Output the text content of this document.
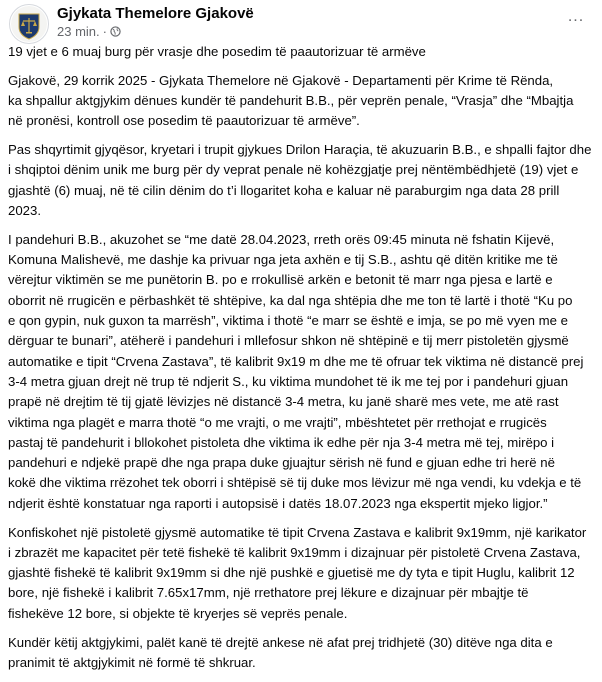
Gjykata Themelore Gjakovë
23 min. ·
...
19 vjet e 6 muaj burg për vrasje dhe posedim të paautorizuar të armëve
Gjakovë, 29 korrik 2025 - Gjykata Themelore në Gjakovë - Departamenti për Krime të Rënda,
ka shpallur aktgjykim dënues kundër të pandehurit B.B., për veprën penale, “Vrasja” dhe “Mbajtja
në pronësi, kontroll ose posedim të paautorizuar të armëve”.
Pas shqyrtimit gjyqësor, kryetari i trupit gjykues Drilon Haraçia, të akuzuarin B.B., e shpalli fajtor dhe
i shqiptoi dënim unik me burg për dy veprat penale në kohëzgjatje prej nëntëmbëdhjetë (19) vjet e
gjashtë (6) muaj, në të cilin dënim do t’i llogaritet koha e kaluar në paraburgim nga data 28 prill
2023.
I pandehuri B.B., akuzohet se “me datë 28.04.2023, rreth orës 09:45 minuta në fshatin Kijevë,
Komuna Malishevë, me dashje ka privuar nga jeta axhën e tij S.B., ashtu që ditën kritike me të
vërejtur viktimën se me punëtorin B. po e rrokullisë arkën e betonit të marr nga pjesa e lartë e
oborrit në rrugicën e përbashkët të shtëpive, ka dal nga shtëpia dhe me ton të lartë i thotë “Ku po
e qon gypin, nuk guxon ta marrësh”, viktima i thotë “e marr se është e imja, se po më vyen me e
dërguar te bunari”, atëherë i pandehuri i mllefosur shkon në shtëpinë e tij merr pistoletën gjysmë
automatike e tipit “Crvena Zastava”, të kalibrit 9x19 m dhe me të ofruar tek viktima në distancë prej
3-4 metra gjuan drejt në trup të ndjerit S., ku viktima mundohet të ik me tej por i pandehuri gjuan
prapë në drejtim të tij gjatë lëvizjes në distancë 3-4 metra, ku janë sharë mes vete, me atë rast
viktima nga plagët e marra thotë “o me vrajti, o me vrajti”, mbështetet për rrethojat e rrugicës
pastaj të pandehurit i bllokohet pistoleta dhe viktima ik edhe për nja 3-4 metra më tej, mirëpo i
pandehuri e ndjekë prapë dhe nga prapa duke gjuajtur sërish në fund e gjuan edhe tri herë në
kokë dhe viktima rrëzohet tek oborri i shtëpisë së tij duke mos lëvizur më nga vendi, ku vdekja e të
ndjerit është konstatuar nga raporti i autopsisë i datës 18.07.2023 nga ekspertit mjeko ligjor.”
Konfiskohet një pistoletë gjysmë automatike të tipit Crvena Zastava e kalibrit 9x19mm, një karikator
i zbrazët me kapacitet për tetë fishekë të kalibrit 9x19mm i dizajnuar për pistoletë Crvena Zastava,
gjashtë fishekë të kalibrit 9x19mm si dhe një pushkë e gjuetisë me dy tyta e tipit Huglu, kalibrit 12
bore, një fishekë i kalibrit 7.65x17mm, një rrethatore prej lëkure e dizajnuar për mbajtje të
fishekëve 12 bore, si objekte të kryerjes së veprës penale.
Kundër këtij aktgjykimi, palët kanë të drejtë ankese në afat prej tridhjetë (30) ditëve nga dita e
pranimit të aktgjykimit në formë të shkruar.
